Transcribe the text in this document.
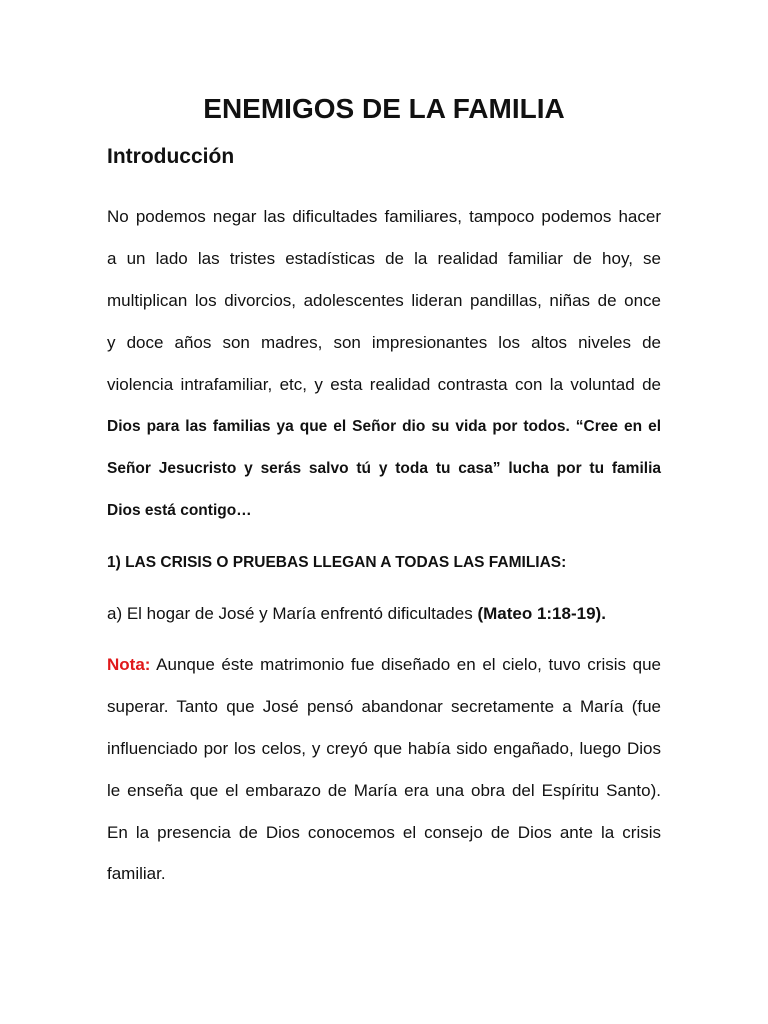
ENEMIGOS DE LA FAMILIA
Introducción

No podemos negar las dificultades familiares, tampoco podemos hacer

a un lado las tristes estadísticas de la realidad familiar de hoy, se

multiplican los divorcios, adolescentes lideran pandillas, niñas de once

y doce años son madres, son impresionantes los altos niveles de

violencia intrafamiliar, etc, y esta realidad contrasta con la voluntad de

Dios para las familias ya que el Señor dio su vida por todos. “Cree en el

Señor Jesucristo y serás salvo tú y toda tu casa” lucha por tu familia

Dios está contigo…

1) LAS CRISIS O PRUEBAS LLEGAN A TODAS LAS FAMILIAS:

a) El hogar de José y María enfrentó dificultades (Mateo 1:18-19).

Nota: Aunque éste matrimonio fue diseñado en el cielo, tuvo crisis que

superar. Tanto que José pensó abandonar secretamente a María (fue

influenciado por los celos, y creyó que había sido engañado, luego Dios

le enseña que el embarazo de María era una obra del Espíritu Santo).

En la presencia de Dios conocemos el consejo de Dios ante la crisis

familiar.
